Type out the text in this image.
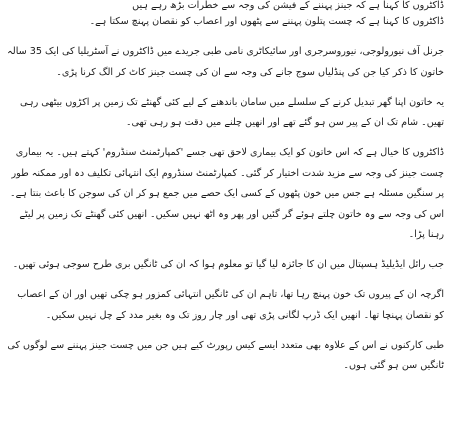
ڈاکٹروں کا کہنا ہے کہ جینز پہننے کے فیشن کی وجہ سے خطرات بڑھ رہے ہیں

ڈاکٹروں کا کہنا ہے کہ چست پتلون پہننے سے پٹھوں اور اعصاب کو نقصان پہنچ سکتا ہے۔

جرنل آف نیورولوجی، نیوروسرجری اور سائیکاٹری نامی طبی جریدے میں ڈاکٹروں نے آسٹریلیا کی ایک 35 سالہ خاتون کا ذکر کیا جن کی پنڈلیاں سوج جانے کی وجہ سے ان کی چست جینز کاٹ کر الگ کرنا پڑی۔

یہ خاتون اپنا گھر تبدیل کرنے کے سلسلے میں سامان باندھنے کے لیے کئی گھنٹے تک زمین پر اکڑوں بیٹھی رہی تھیں۔ شام تک ان کے پیر سن ہو گئے تھے اور انھیں چلنے میں دقت ہو رہی تھی۔

ڈاکٹروں کا خیال ہے کہ اس خاتون کو ایک بیماری لاحق تھی جسے 'کمپارٹمنٹ سنڈروم' کہتے ہیں۔ یہ بیماری چست جینز کی وجہ سے مزید شدت اختیار کر گئی۔ کمپارٹمنٹ سنڈروم ایک انتہائی تکلیف دہ اور ممکنہ طور پر سنگین مسئلہ ہے جس میں خون پٹھوں کے کسی ایک حصے میں جمع ہو کر ان کی سوجن کا باعث بنتا ہے۔ اس کی وجہ سے وہ خاتون چلتے ہوئے گر گئیں اور پھر وہ اٹھ نہیں سکیں۔ انھیں کئی گھنٹے تک زمین پر لیٹے رہنا پڑا۔

جب رائل ایڈیلیڈ ہسپتال میں ان کا جائزہ لیا گیا تو معلوم ہوا کہ ان کی ٹانگیں بری طرح سوجی ہوئی تھیں۔

اگرچہ ان کے پیروں تک خون پہنچ رہا تھا، تاہم ان کی ٹانگیں انتہائی کمزور ہو چکی تھیں اور ان کے اعصاب کو نقصان پہنچا تھا۔ انھیں ایک ڈرپ لگانی پڑی تھی اور چار روز تک وہ بغیر مدد کے چل نہیں سکیں۔

طبی کارکنوں نے اس کے علاوہ بھی متعدد ایسے کیس رپورٹ کیے ہیں جن میں چست جینز پہننے سے لوگوں کی ٹانگیں سن ہو گئی ہوں۔
